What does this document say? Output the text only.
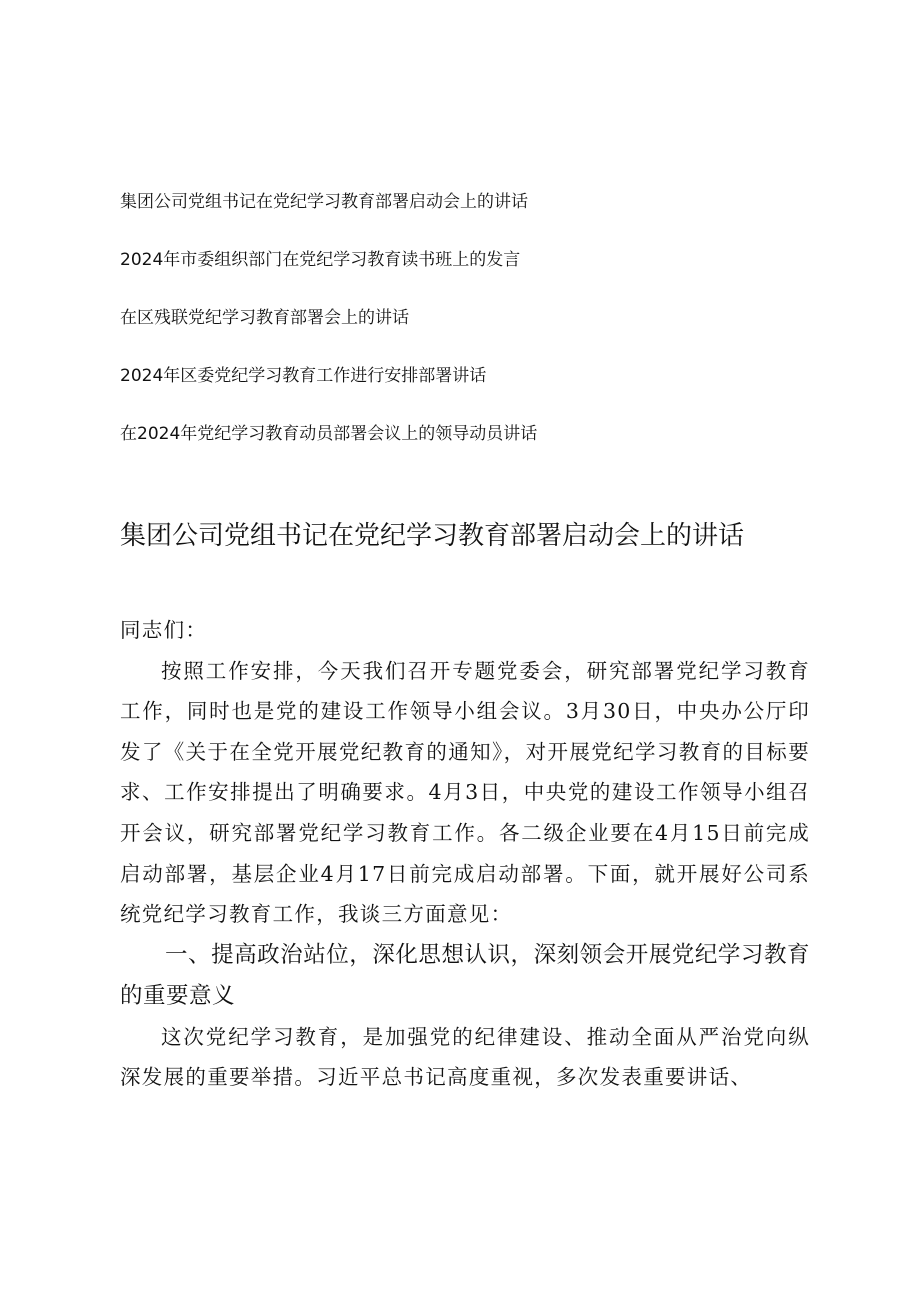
集团公司党组书记在党纪学习教育部署启动会上的讲话
2024年市委组织部门在党纪学习教育读书班上的发言
在区残联党纪学习教育部署会上的讲话
2024年区委党纪学习教育工作进行安排部署讲话
在2024年党纪学习教育动员部署会议上的领导动员讲话
集团公司党组书记在党纪学习教育部署启动会上的讲话

同志们：

按照工作安排，今天我们召开专题党委会，研究部署党纪学习教育工作，同时也是党的建设工作领导小组会议。3月30日，中央办公厅印发了《关于在全党开展党纪教育的通知》，对开展党纪学习教育的目标要求、工作安排提出了明确要求。4月3日，中央党的建设工作领导小组召开会议，研究部署党纪学习教育工作。各二级企业要在4月15日前完成启动部署，基层企业4月17日前完成启动部署。下面，就开展好公司系统党纪学习教育工作，我谈三方面意见：

一、提高政治站位，深化思想认识，深刻领会开展党纪学习教育的重要意义

这次党纪学习教育，是加强党的纪律建设、推动全面从严治党向纵深发展的重要举措。习近平总书记高度重视，多次发表重要讲话、
